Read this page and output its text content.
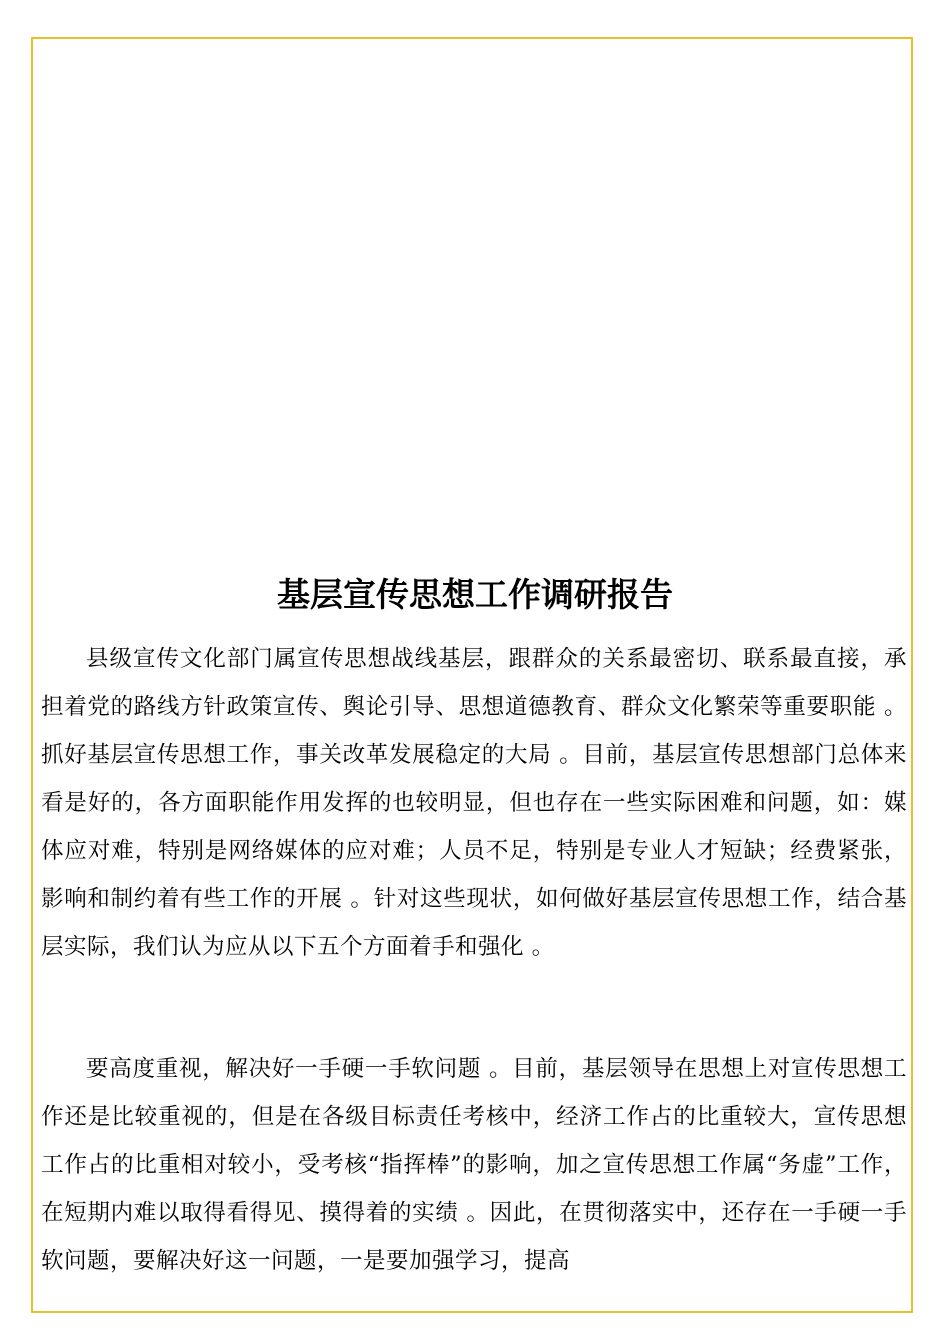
基层宣传思想工作调研报告

县级宣传文化部门属宣传思想战线基层，跟群众的关系最密切、联系最直接，承担着党的路线方针政策宣传、舆论引导、思想道德教育、群众文化繁荣等重要职能 。抓好基层宣传思想工作，事关改革发展稳定的大局 。目前，基层宣传思想部门总体来看是好的，各方面职能作用发挥的也较明显，但也存在一些实际困难和问题，如：媒体应对难，特别是网络媒体的应对难；人员不足，特别是专业人才短缺；经费紧张，影响和制约着有些工作的开展 。针对这些现状，如何做好基层宣传思想工作，结合基层实际，我们认为应从以下五个方面着手和强化 。

要高度重视，解决好一手硬一手软问题 。目前，基层领导在思想上对宣传思想工作还是比较重视的，但是在各级目标责任考核中，经济工作占的比重较大，宣传思想工作占的比重相对较小，受考核“指挥棒”的影响，加之宣传思想工作属“务虚”工作，在短期内难以取得看得见、摸得着的实绩 。因此，在贯彻落实中，还存在一手硬一手软问题，要解决好这一问题，一是要加强学习，提高
